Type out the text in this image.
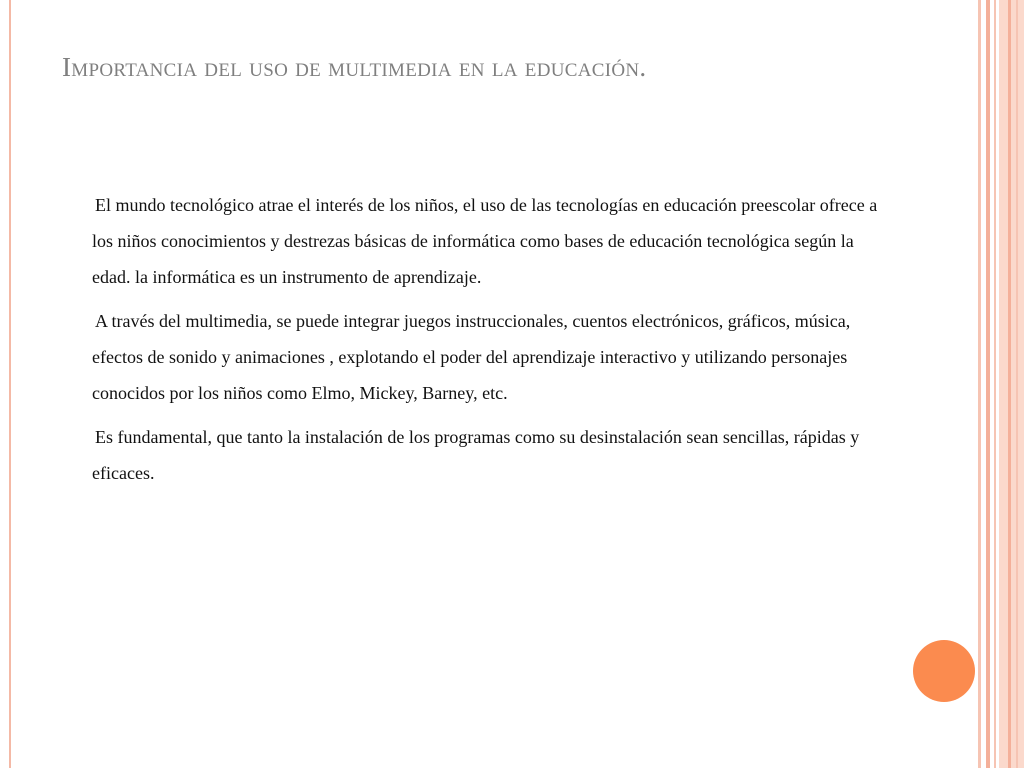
Importancia del uso de multimedia en la educación.

El mundo tecnológico atrae el interés de los niños, el uso de las tecnologías en educación preescolar ofrece a los niños conocimientos y destrezas básicas de informática como bases de educación tecnológica según la edad. la informática es un instrumento de aprendizaje.

A través del multimedia, se puede integrar juegos instruccionales, cuentos electrónicos, gráficos, música, efectos de sonido y animaciones , explotando el poder del aprendizaje interactivo y utilizando personajes conocidos por los niños como Elmo, Mickey, Barney, etc.

Es fundamental, que tanto la instalación de los programas como su desinstalación sean sencillas, rápidas y eficaces.
